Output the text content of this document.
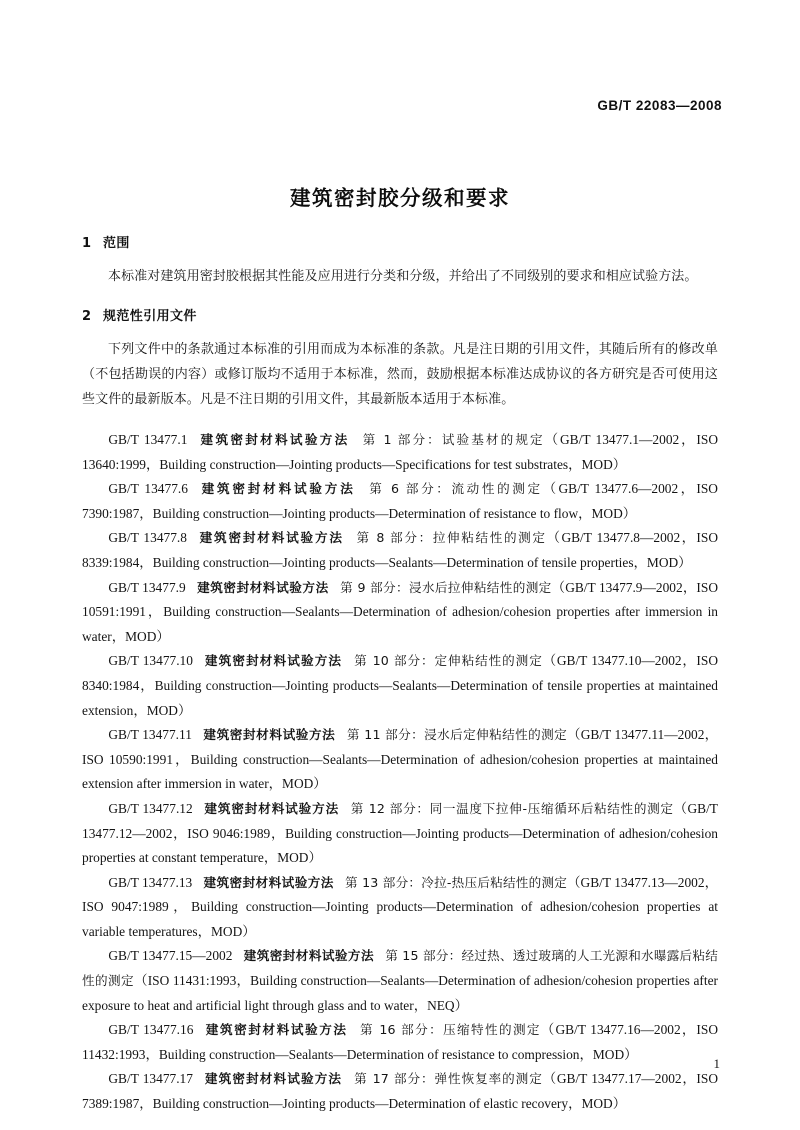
GB/T 22083—2008
建筑密封胶分级和要求
1 范围

本标准对建筑用密封胶根据其性能及应用进行分类和分级，并给出了不同级别的要求和相应试验方法。

2 规范性引用文件

下列文件中的条款通过本标准的引用而成为本标准的条款。凡是注日期的引用文件，其随后所有的修改单（不包括勘误的内容）或修订版均不适用于本标准，然而，鼓励根据本标准达成协议的各方研究是否可使用这些文件的最新版本。凡是不注日期的引用文件，其最新版本适用于本标准。

GB/T 13477.1 建筑密封材料试验方法 第 1 部分：试验基材的规定（GB/T 13477.1—2002，ISO 13640:1999，Building construction—Jointing products—Specifications for test substrates，MOD）

GB/T 13477.6 建筑密封材料试验方法 第 6 部分：流动性的测定（GB/T 13477.6—2002，ISO 7390:1987，Building construction—Jointing products—Determination of resistance to flow，MOD）

GB/T 13477.8 建筑密封材料试验方法 第 8 部分：拉伸粘结性的测定（GB/T 13477.8—2002，ISO 8339:1984，Building construction—Jointing products—Sealants—Determination of tensile properties，MOD）

GB/T 13477.9 建筑密封材料试验方法 第 9 部分：浸水后拉伸粘结性的测定（GB/T 13477.9—2002，ISO 10591:1991，Building construction—Sealants—Determination of adhesion/cohesion properties after immersion in water，MOD）

GB/T 13477.10 建筑密封材料试验方法 第 10 部分：定伸粘结性的测定（GB/T 13477.10—2002，ISO 8340:1984，Building construction—Jointing products—Sealants—Determination of tensile properties at maintained extension，MOD）

GB/T 13477.11 建筑密封材料试验方法 第 11 部分：浸水后定伸粘结性的测定（GB/T 13477.11—2002，ISO 10590:1991，Building construction—Sealants—Determination of adhesion/cohesion properties at maintained extension after immersion in water，MOD）

GB/T 13477.12 建筑密封材料试验方法 第 12 部分：同一温度下拉伸-压缩循环后粘结性的测定（GB/T 13477.12—2002，ISO 9046:1989，Building construction—Jointing products—Determination of adhesion/cohesion properties at constant temperature，MOD）

GB/T 13477.13 建筑密封材料试验方法 第 13 部分：冷拉-热压后粘结性的测定（GB/T 13477.13—2002，ISO 9047:1989，Building construction—Jointing products—Determination of adhesion/cohesion properties at variable temperatures，MOD）

GB/T 13477.15—2002 建筑密封材料试验方法 第 15 部分：经过热、透过玻璃的人工光源和水曝露后粘结性的测定（ISO 11431:1993，Building construction—Sealants—Determination of adhesion/cohesion properties after exposure to heat and artificial light through glass and to water，NEQ）

GB/T 13477.16 建筑密封材料试验方法 第 16 部分：压缩特性的测定（GB/T 13477.16—2002，ISO 11432:1993，Building construction—Sealants—Determination of resistance to compression，MOD）

GB/T 13477.17 建筑密封材料试验方法 第 17 部分：弹性恢复率的测定（GB/T 13477.17—2002，ISO 7389:1987，Building construction—Jointing products—Determination of elastic recovery，MOD）

1
